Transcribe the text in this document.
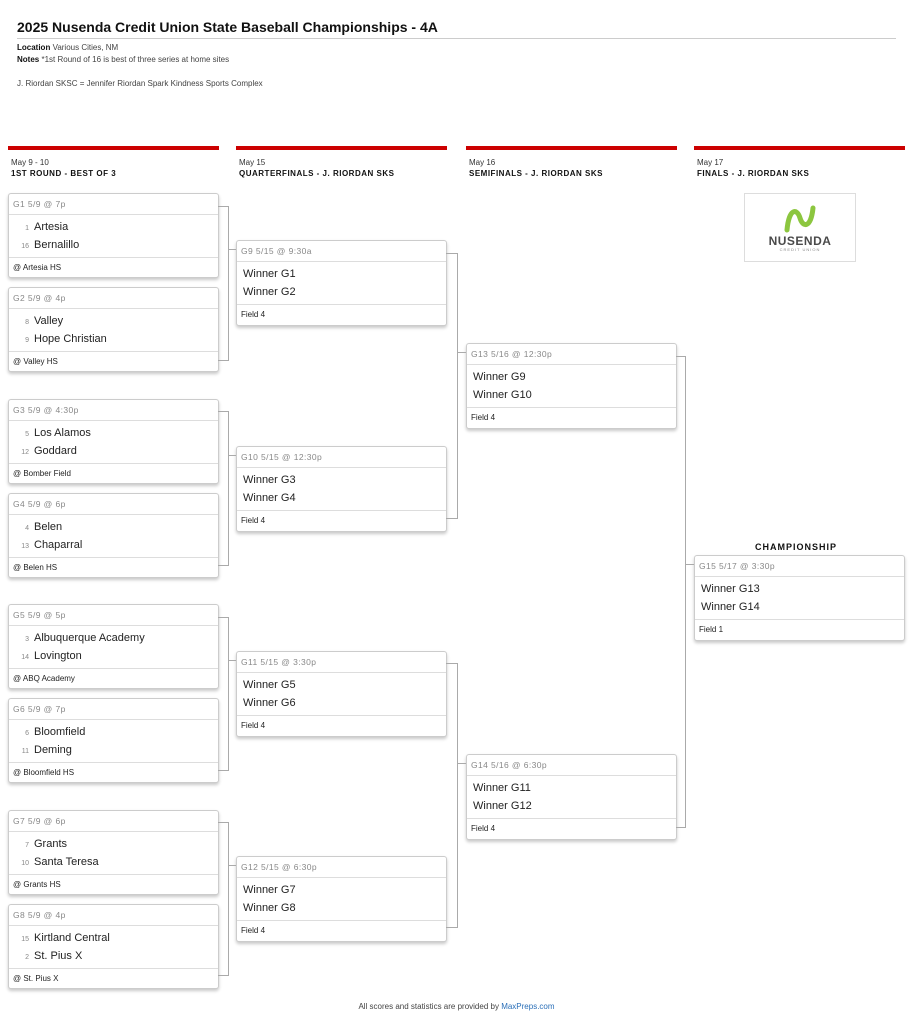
2025 Nusenda Credit Union State Baseball Championships - 4A
Location Various Cities, NM
Notes *1st Round of 16 is best of three series at home sites
J. Riordan SKSC = Jennifer Riordan Spark Kindness Sports Complex
May 9 - 10
1ST ROUND - BEST OF 3
May 15
QUARTERFINALS - J. RIORDAN SKS
May 16
SEMIFINALS - J. RIORDAN SKS
May 17
FINALS - J. RIORDAN SKS
NUSENDA
CREDIT UNION
G1 5/9 @ 7p
1 Artesia
16 Bernalillo
@ Artesia HS
G2 5/9 @ 4p
8 Valley
9 Hope Christian
@ Valley HS
G3 5/9 @ 4:30p
5 Los Alamos
12 Goddard
@ Bomber Field
G4 5/9 @ 6p
4 Belen
13 Chaparral
@ Belen HS
G5 5/9 @ 5p
3 Albuquerque Academy
14 Lovington
@ ABQ Academy
G6 5/9 @ 7p
6 Bloomfield
11 Deming
@ Bloomfield HS
G7 5/9 @ 6p
7 Grants
10 Santa Teresa
@ Grants HS
G8 5/9 @ 4p
15 Kirtland Central
2 St. Pius X
@ St. Pius X
G9 5/15 @ 9:30a
Winner G1
Winner G2
Field 4
G10 5/15 @ 12:30p
Winner G3
Winner G4
Field 4
G11 5/15 @ 3:30p
Winner G5
Winner G6
Field 4
G12 5/15 @ 6:30p
Winner G7
Winner G8
Field 4
G13 5/16 @ 12:30p
Winner G9
Winner G10
Field 4
G14 5/16 @ 6:30p
Winner G11
Winner G12
Field 4
CHAMPIONSHIP
G15 5/17 @ 3:30p
Winner G13
Winner G14
Field 1
All scores and statistics are provided by MaxPreps.com
